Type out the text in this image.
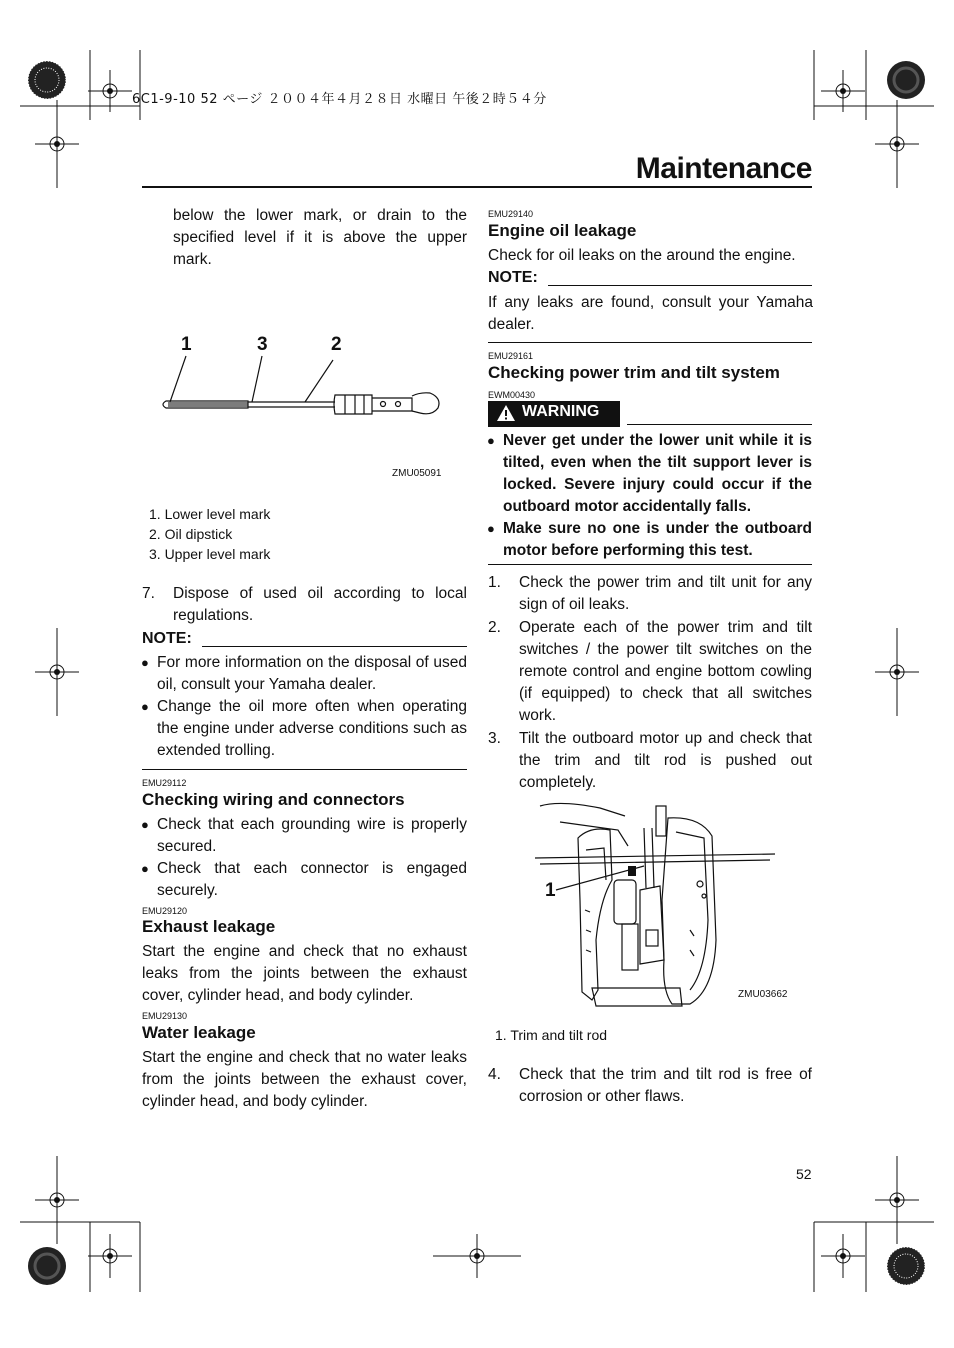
6C1-9-10 52 ページ ２００４年４月２８日 水曜日 午後２時５４分
Maintenance
below the lower mark, or drain to the specified level if it is above the upper mark.
1	3	2
ZMU05091
1. Lower level mark
2. Oil dipstick
3. Upper level mark
7. Dispose of used oil according to local regulations.
NOTE:
● For more information on the disposal of used oil, consult your Yamaha dealer.
● Change the oil more often when operating the engine under adverse conditions such as extended trolling.
EMU29112
Checking wiring and connectors
● Check that each grounding wire is properly secured.
● Check that each connector is engaged securely.
EMU29120
Exhaust leakage
Start the engine and check that no exhaust leaks from the joints between the exhaust cover, cylinder head, and body cylinder.
EMU29130
Water leakage
Start the engine and check that no water leaks from the joints between the exhaust cover, cylinder head, and body cylinder.
EMU29140
Engine oil leakage
Check for oil leaks on the around the engine.
NOTE:
If any leaks are found, consult your Yamaha dealer.
EMU29161
Checking power trim and tilt system
EWM00430
WARNING
● Never get under the lower unit while it is tilted, even when the tilt support lever is locked. Severe injury could occur if the outboard motor accidentally falls.
● Make sure no one is under the outboard motor before performing this test.
1. Check the power trim and tilt unit for any sign of oil leaks.
2. Operate each of the power trim and tilt switches / the power tilt switches on the remote control and engine bottom cowling (if equipped) to check that all switches work.
3. Tilt the outboard motor up and check that the trim and tilt rod is pushed out completely.
1
ZMU03662
1. Trim and tilt rod
4. Check that the trim and tilt rod is free of corrosion or other flaws.
52
